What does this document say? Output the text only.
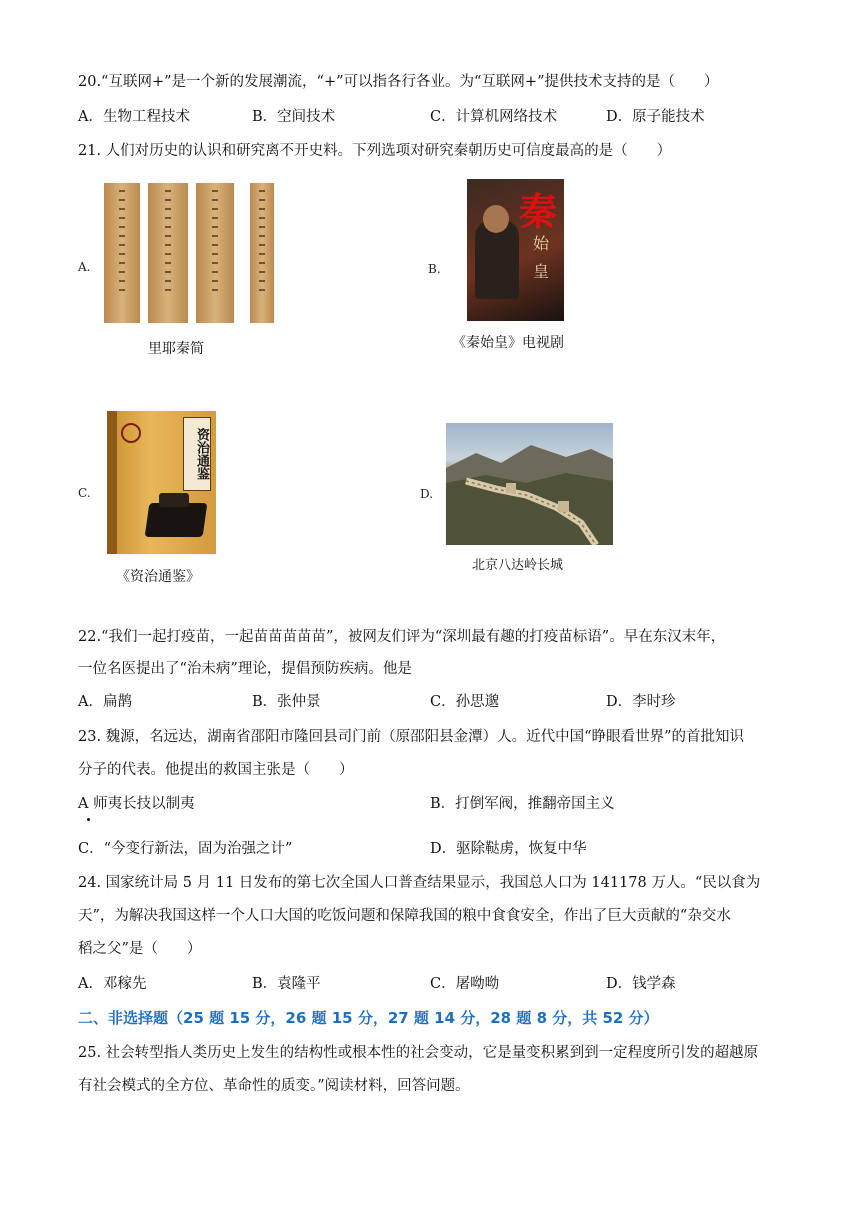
20.“互联网+”是一个新的发展潮流，“+”可以指各行各业。为“互联网+”提供技术支持的是（　　）
A．生物工程技术	B．空间技术	C．计算机网络技术	D．原子能技术
21. 人们对历史的认识和研究离不开史料。下列选项对研究秦朝历史可信度最高的是（　　）
A.
里耶秦简
B.
秦
始
皇
《秦始皇》电视剧
C.
资治通鉴
《资治通鉴》
D.
北京八达岭长城
22.“我们一起打疫苗，一起苗苗苗苗苗”，被网友们评为“深圳最有趣的打疫苗标语”。早在东汉末年，
一位名医提出了“治未病”理论，提倡预防疾病。他是
A．扁鹊	B．张仲景	C．孙思邈	D．李时珍
23. 魏源，名远达，湖南省邵阳市隆回县司门前（原邵阳县金潭）人。近代中国“睁眼看世界”的首批知识
分子的代表。他提出的救国主张是（　　）
A 师夷长技以制夷	B．打倒军阀，推翻帝国主义
C．“今变行新法，固为治强之计”	D．驱除鞑虏，恢复中华
24. 国家统计局 5 月 11 日发布的第七次全国人口普查结果显示，我国总人口为 141178 万人。“民以食为
天”，为解决我国这样一个人口大国的吃饭问题和保障我国的粮中食食安全，作出了巨大贡献的“杂交水
稻之父”是（　　）
A．邓稼先	B．袁隆平	C．屠呦呦	D．钱学森
二、非选择题（25 题 15 分，26 题 15 分，27 题 14 分，28 题 8 分，共 52 分）
25. 社会转型指人类历史上发生的结构性或根本性的社会变动，它是量变积累到到一定程度所引发的超越原
有社会模式的全方位、革命性的质变。”阅读材料，回答问题。
